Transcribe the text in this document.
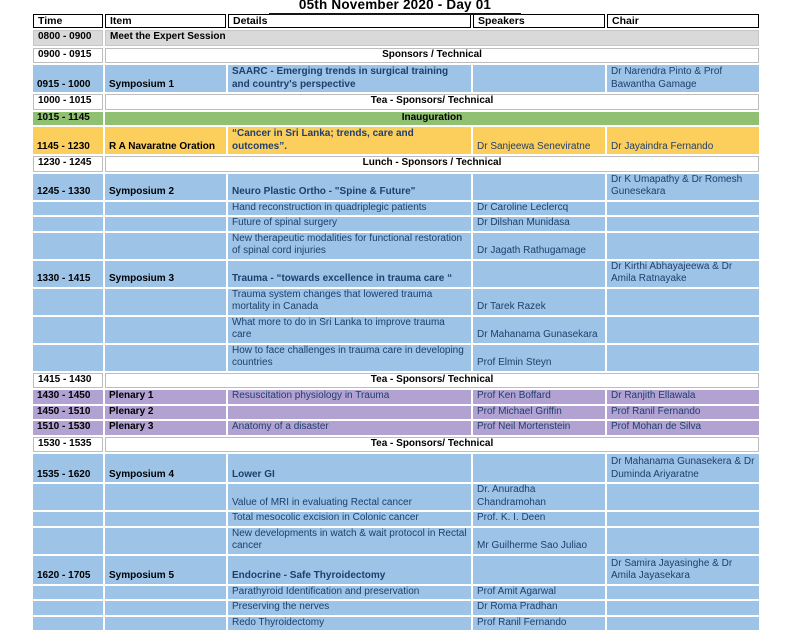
05th November 2020 - Day 01
Time	Item	Details	Speakers	Chair
0800 - 0900	Meet the Expert Session			
0900 - 0915	Sponsors / Technical			
0915 - 1000	Symposium 1	SAARC - Emerging trends in surgical training and country's perspective		Dr Narendra Pinto & Prof Bawantha Gamage
1000 - 1015	Tea - Sponsors/ Technical			
1015 - 1145	Inauguration			
1145 - 1230	R A Navaratne Oration	“Cancer in Sri Lanka; trends, care and outcomes”.	Dr Sanjeewa Seneviratne	Dr Jayaindra Fernando
1230 - 1245	Lunch - Sponsors / Technical			
1245 - 1330	Symposium 2	Neuro Plastic Ortho - "Spine & Future"		Dr K Umapathy & Dr Romesh Gunesekara
		Hand reconstruction in quadriplegic patients	Dr Caroline Leclercq	
		Future of spinal surgery	Dr Dilshan Munidasa	
		New therapeutic modalities for functional restoration of spinal cord injuries	Dr Jagath Rathugamage	
1330 - 1415	Symposium 3	Trauma - “towards excellence in trauma care “		Dr Kirthi Abhayajeewa & Dr Amila Ratnayake
		Trauma system changes that lowered trauma mortality in Canada	Dr Tarek Razek	
		What more to do in Sri Lanka to improve trauma care	Dr Mahanama Gunasekara	
		How to face challenges in trauma care in developing countries	Prof Elmin Steyn	
1415 - 1430	Tea - Sponsors/ Technical			
1430 - 1450	Plenary 1	Resuscitation physiology in Trauma	Prof Ken Boffard	Dr Ranjith Ellawala
1450 - 1510	Plenary 2		Prof Michael Griffin	Prof Ranil Fernando
1510 - 1530	Plenary 3	Anatomy of a disaster	Prof Neil Mortenstein	Prof Mohan de Silva
1530 - 1535	Tea - Sponsors/ Technical			
1535 - 1620	Symposium 4	Lower GI		Dr Mahanama Gunasekera & Dr Duminda Ariyaratne
		Value of MRI in evaluating Rectal cancer	Dr. Anuradha Chandramohan	
		Total mesocolic excision in Colonic cancer	Prof. K. I. Deen	
		New developments in watch & wait protocol in Rectal cancer	Mr Guilherme Sao Juliao	
1620 - 1705	Symposium 5	Endocrine - Safe Thyroidectomy		Dr Samira Jayasinghe & Dr Amila Jayasekara
		Parathyroid Identification and preservation	Prof Amit Agarwal	
		Preserving the nerves	Dr Roma Pradhan	
		Redo Thyroidectomy	Prof Ranil Fernando	
